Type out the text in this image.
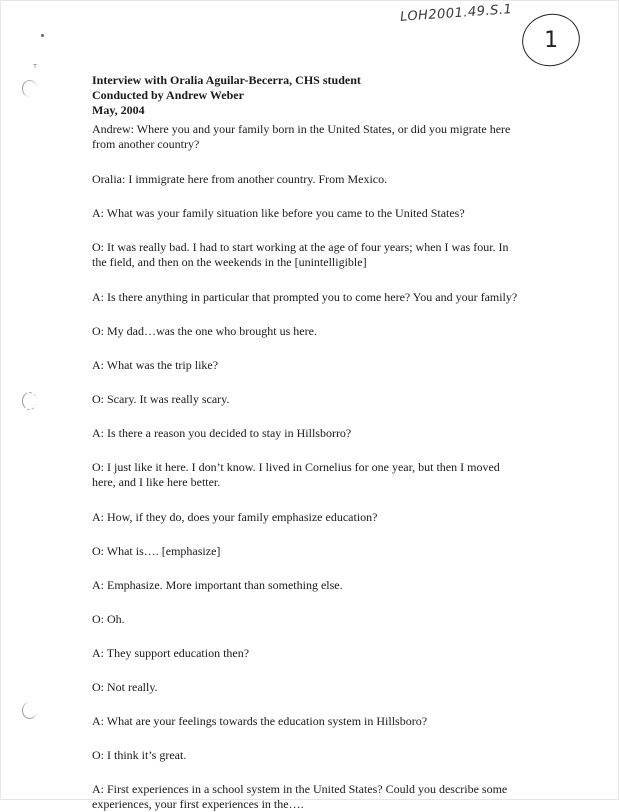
LOH2001.49.S.1
1
т
Interview with Oralia Aguilar-Becerra, CHS student
Conducted by Andrew Weber
May, 2004

Andrew: Where you and your family born in the United States, or did you migrate here
from another country?

Oralia: I immigrate here from another country. From Mexico.

A: What was your family situation like before you came to the United States?

O: It was really bad. I had to start working at the age of four years; when I was four. In
the field, and then on the weekends in the [unintelligible]

A: Is there anything in particular that prompted you to come here? You and your family?

O: My dad…was the one who brought us here.

A: What was the trip like?

O: Scary. It was really scary.

A: Is there a reason you decided to stay in Hillsborro?

O: I just like it here. I don’t know. I lived in Cornelius for one year, but then I moved
here, and I like here better.

A: How, if they do, does your family emphasize education?

O: What is…. [emphasize]

A: Emphasize. More important than something else.

O: Oh.

A: They support education then?

O: Not really.

A: What are your feelings towards the education system in Hillsboro?

O: I think it’s great.

A: First experiences in a school system in the United States? Could you describe some
experiences, your first experiences in the….
